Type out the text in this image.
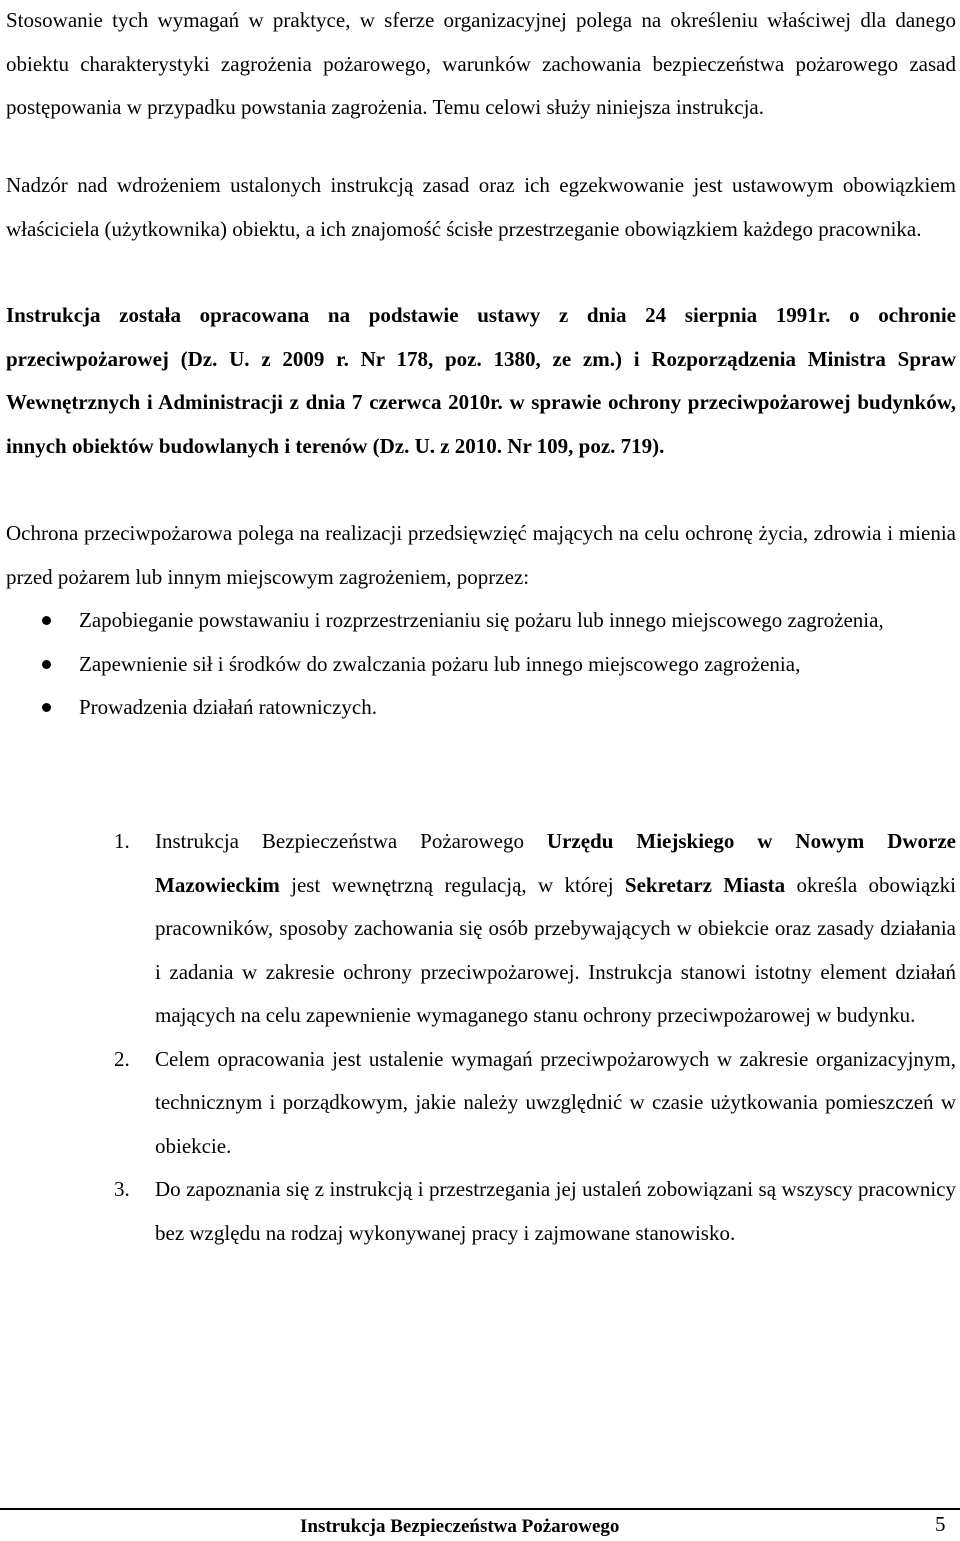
Stosowanie tych wymagań w praktyce, w sferze organizacyjnej polega na określeniu właściwej dla danego obiektu charakterystyki zagrożenia pożarowego, warunków zachowania bezpieczeństwa pożarowego zasad postępowania w przypadku powstania zagrożenia. Temu celowi służy niniejsza instrukcja.

Nadzór nad wdrożeniem ustalonych instrukcją zasad oraz ich egzekwowanie jest ustawowym obowiązkiem właściciela (użytkownika) obiektu, a ich znajomość ścisłe przestrzeganie obowiązkiem każdego pracownika.

Instrukcja została opracowana na podstawie ustawy z dnia 24 sierpnia 1991r. o ochronie przeciwpożarowej (Dz. U. z 2009 r. Nr 178, poz. 1380, ze zm.) i Rozporządzenia Ministra Spraw Wewnętrznych i Administracji z dnia 7 czerwca 2010r. w sprawie ochrony przeciwpożarowej budynków, innych obiektów budowlanych i terenów (Dz. U. z 2010. Nr 109, poz. 719).

Ochrona przeciwpożarowa polega na realizacji przedsięwzięć mających na celu ochronę życia, zdrowia i mienia przed pożarem lub innym miejscowym zagrożeniem, poprzez:

Zapobieganie powstawaniu i rozprzestrzenianiu się pożaru lub innego miejscowego zagrożenia,
Zapewnienie sił i środków do zwalczania pożaru lub innego miejscowego zagrożenia,
Prowadzenia działań ratowniczych.
1. Instrukcja Bezpieczeństwa Pożarowego Urzędu Miejskiego w Nowym Dworze Mazowieckim jest wewnętrzną regulacją, w której Sekretarz Miasta określa obowiązki pracowników, sposoby zachowania się osób przebywających w obiekcie oraz zasady działania i zadania w zakresie ochrony przeciwpożarowej. Instrukcja stanowi istotny element działań mających na celu zapewnienie wymaganego stanu ochrony przeciwpożarowej w budynku.
2. Celem opracowania jest ustalenie wymagań przeciwpożarowych w zakresie organizacyjnym, technicznym i porządkowym, jakie należy uwzględnić w czasie użytkowania pomieszczeń w obiekcie.
3. Do zapoznania się z instrukcją i przestrzegania jej ustaleń zobowiązani są wszyscy pracownicy bez względu na rodzaj wykonywanej pracy i zajmowane stanowisko.
Instrukcja Bezpieczeństwa Pożarowego	5
